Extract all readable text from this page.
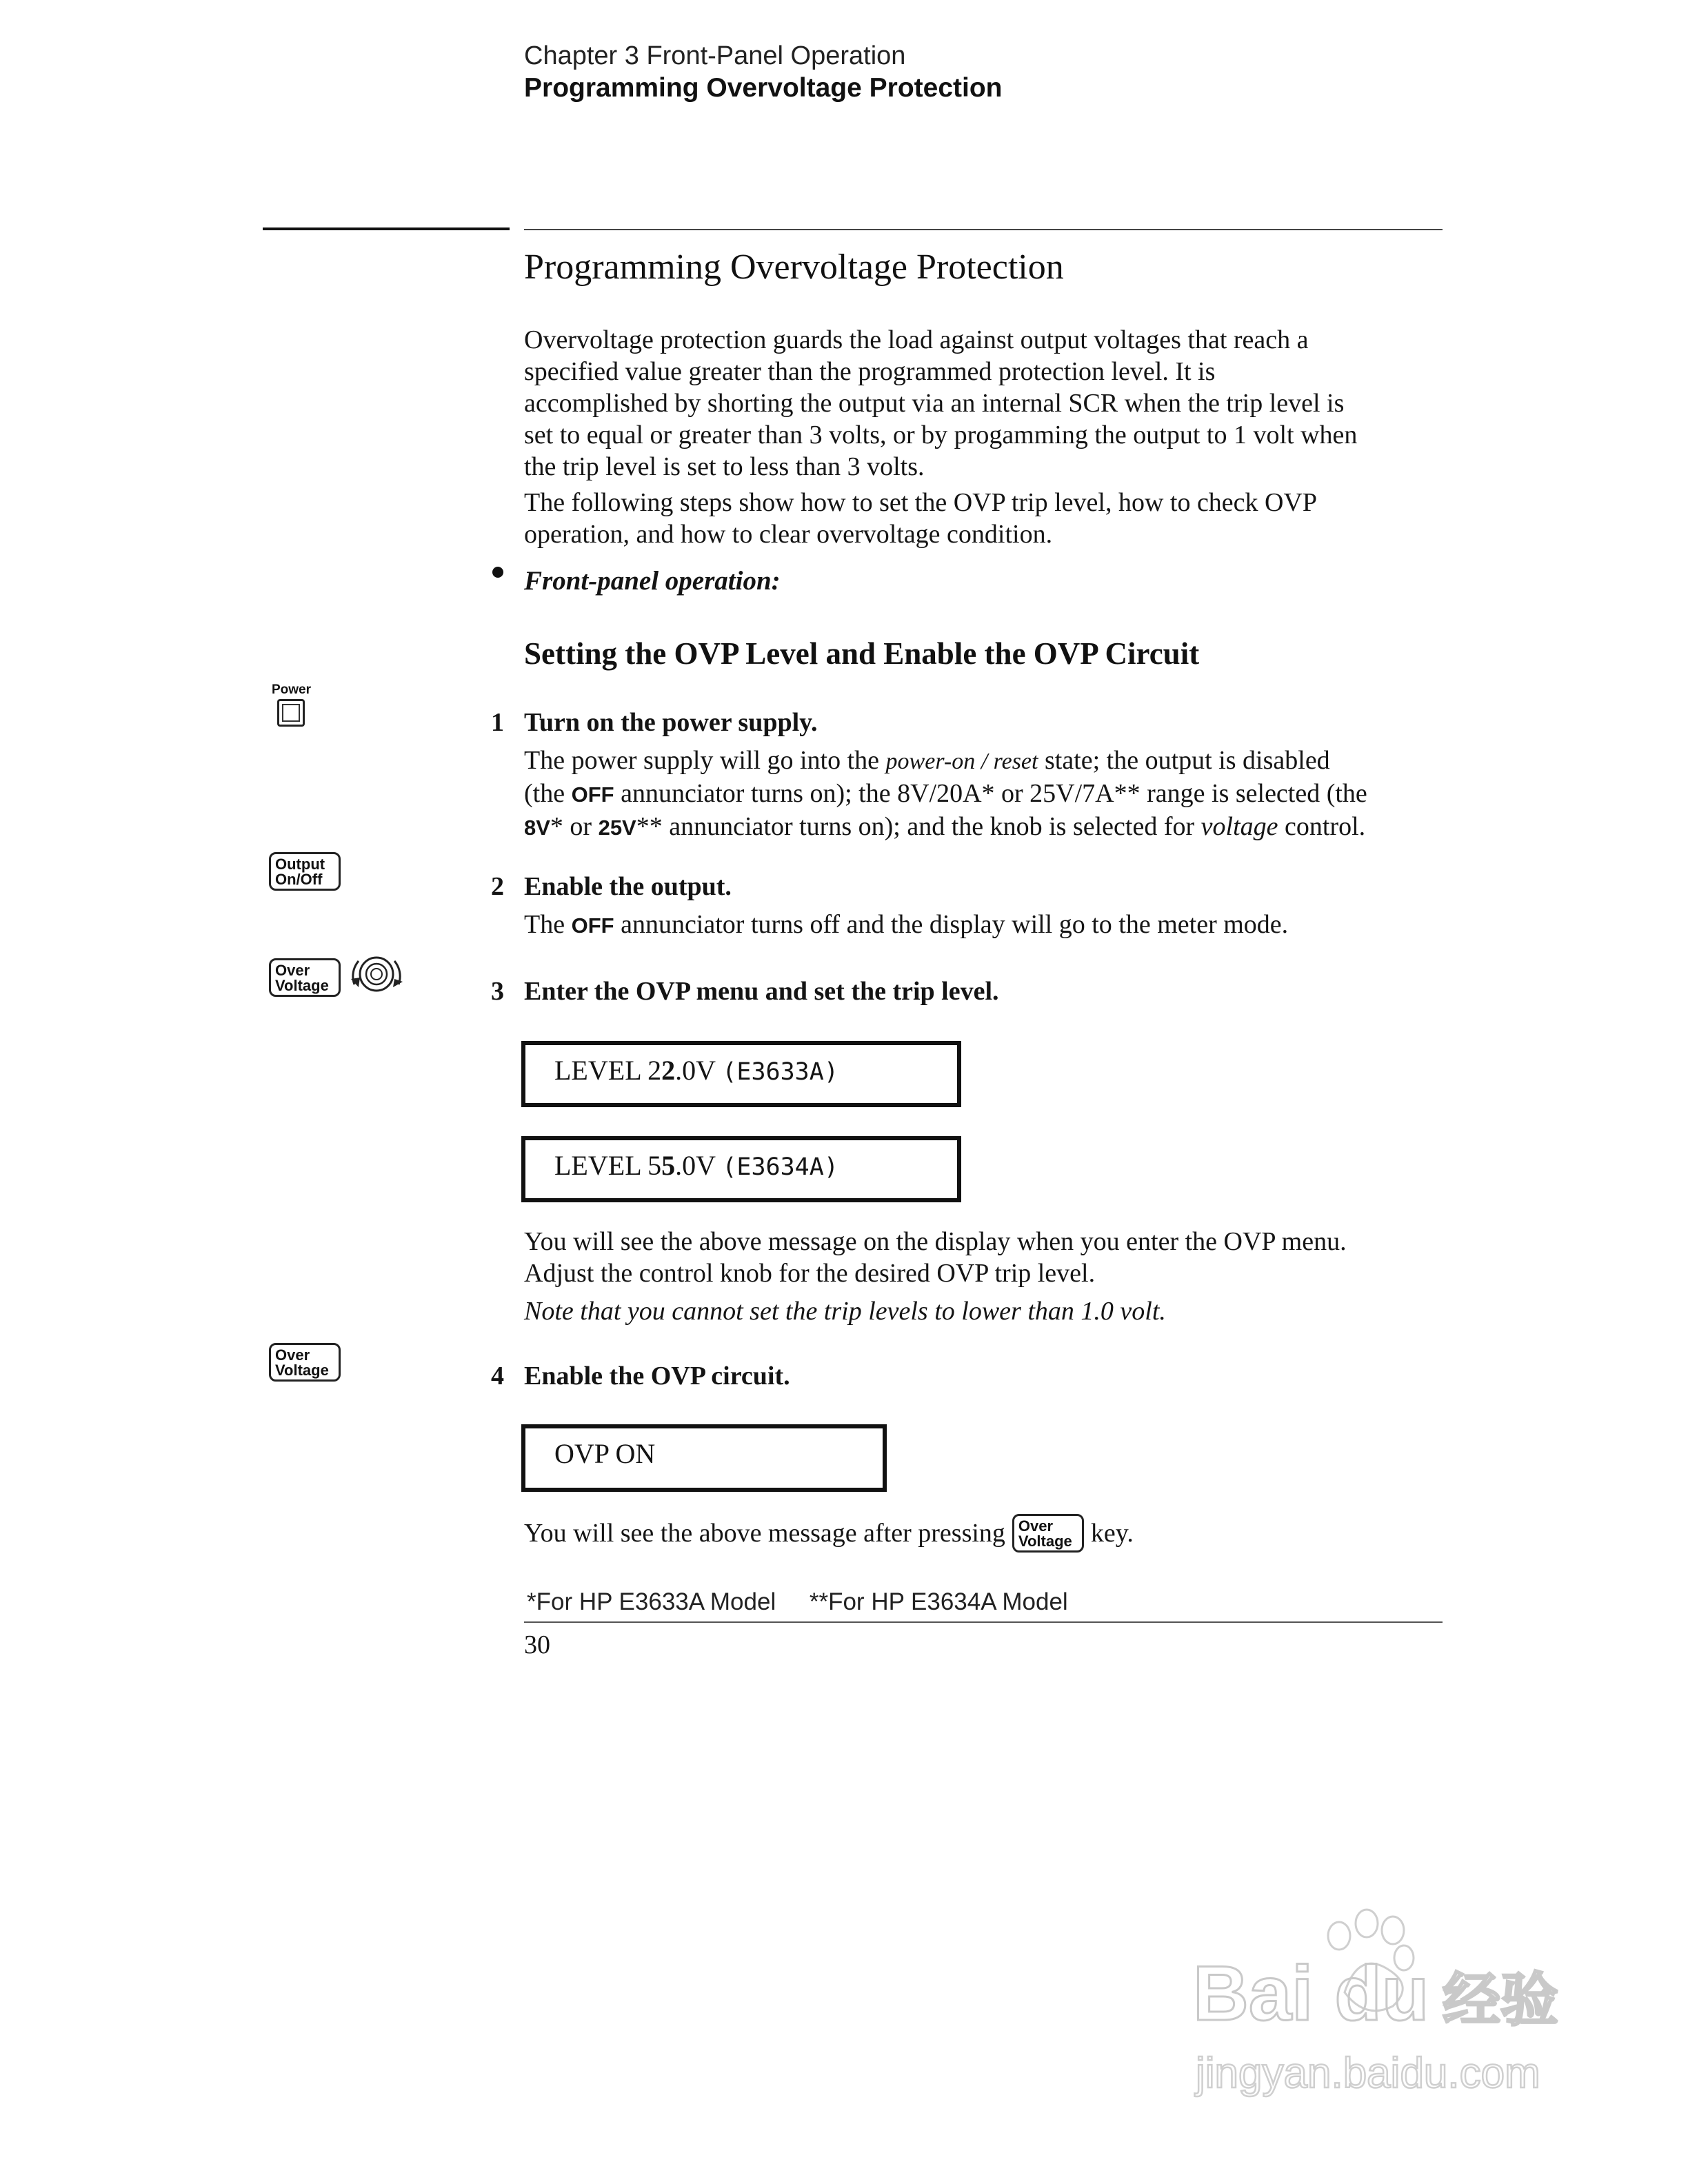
Chapter 3 Front-Panel Operation
Programming Overvoltage Protection
Programming Overvoltage Protection

Overvoltage protection guards the load against output voltages that reach a

specified value greater than the programmed protection level. It is

accomplished by shorting the output via an internal SCR when the trip level is

set to equal or greater than 3 volts, or by progamming the output to 1 volt when

the trip level is set to less than 3 volts.

The following steps show how to set the OVP trip level, how to check OVP

operation, and how to clear overvoltage condition.

Front-panel operation:
Setting the OVP Level and Enable the OVP Circuit
Power
Output
On/Off
Over
Voltage
Over
Voltage
1 Turn on the power supply.

The power supply will go into the power-on / reset state; the output is disabled

(the OFF annunciator turns on); the 8V/20A* or 25V/7A** range is selected (the

8V* or 25V** annunciator turns on); and the knob is selected for voltage control.

2 Enable the output.

The OFF annunciator turns off and the display will go to the meter mode.

3 Enter the OVP menu and set the trip level.
LEVEL 22.0V (E3633A)
LEVEL 55.0V (E3634A)

You will see the above message on the display when you enter the OVP menu.

Adjust the control knob for the desired OVP trip level.

Note that you cannot set the trip levels to lower than 1.0 volt.
4 Enable the OVP circuit.
OVP ON
You will see the above message after pressing Over
Voltage key.
*For HP E3633A Model     **For HP E3634A Model
30
Bai du 经验
jingyan.baidu.com
